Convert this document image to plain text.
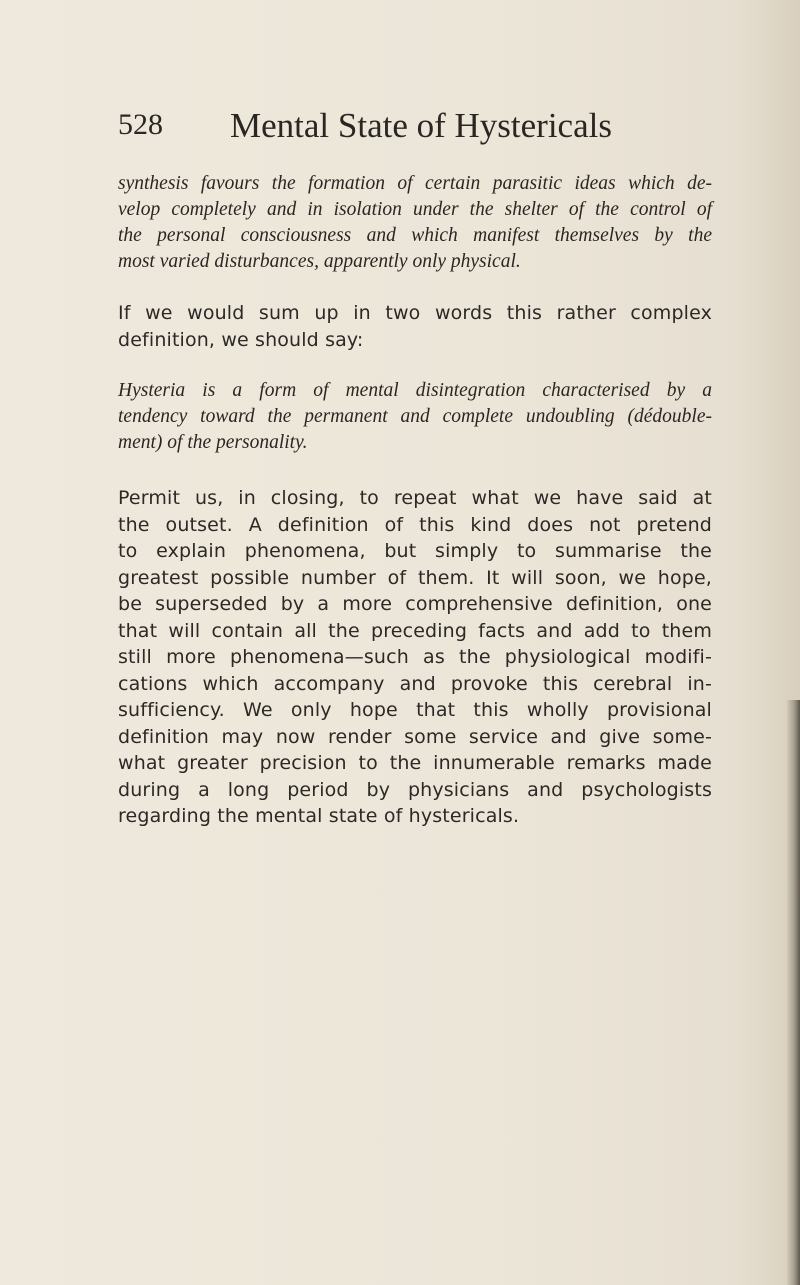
528 Mental State of Hystericals
synthesis favours the formation of certain parasitic ideas which de-
velop completely and in isolation under the shelter of the control of
the personal consciousness and which manifest themselves by the
most varied disturbances, apparently only physical.
If we would sum up in two words this rather complex
definition, we should say:
Hysteria is a form of mental disintegration characterised by a
tendency toward the permanent and complete undoubling (dédouble-
ment) of the personality.
Permit us, in closing, to repeat what we have said at
the outset. A definition of this kind does not pretend
to explain phenomena, but simply to summarise the
greatest possible number of them. It will soon, we hope,
be superseded by a more comprehensive definition, one
that will contain all the preceding facts and add to them
still more phenomena—such as the physiological modifi-
cations which accompany and provoke this cerebral in-
sufficiency. We only hope that this wholly provisional
definition may now render some service and give some-
what greater precision to the innumerable remarks made
during a long period by physicians and psychologists
regarding the mental state of hystericals.
